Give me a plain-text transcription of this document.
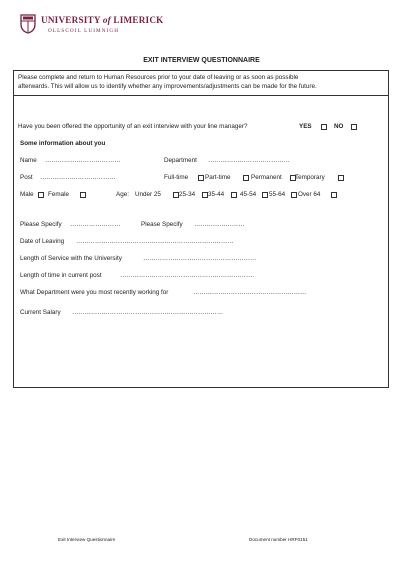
UNIVERSITY of LIMERICK
OLLSCOIL LUIMNIGH
EXIT INTERVIEW QUESTIONNAIRE
Please complete and return to Human Resources prior to your date of leaving or as soon as possible
afterwards. This will allow us to identify whether any improvements/adjustments can be made for the future.
Have you been offered the opportunity of an exit interview with your line manager?	YES	NO
Some information about you
Name ………………………………	Department …………………………………
Post ………………………………	Full-time	Part-time	Permanent Temporary
Male Female	Age: Under 25	25-34 35-44	45-54 55-64 Over 64
Please Specify ……………………	Please Specify ……………………
Date of Leaving …………………………………………………………………
Length of Service with the University	………………………………………………
Length of time in current post	……………………………………………………….
What Department were you most recently working for	………………………………………………
Current Salary ………………………………………………………………
Exit Interview Questionnaire	Document number HRF0151
